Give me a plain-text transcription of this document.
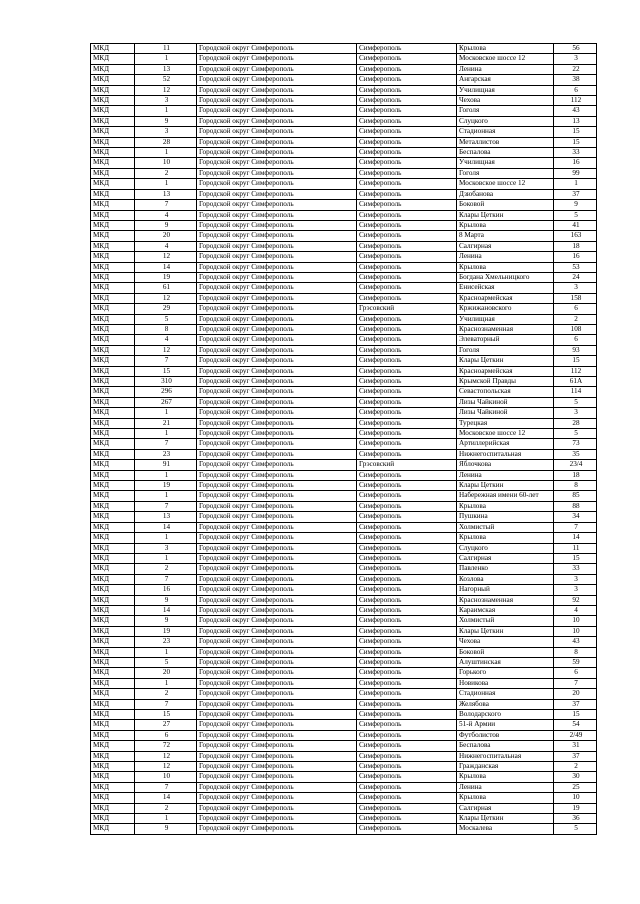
МКД	11	Городской округ Симферополь	Симферополь	Крылова	56
МКД	1	Городской округ Симферополь	Симферополь	Московское шоссе 12	3
МКД	13	Городской округ Симферополь	Симферополь	Ленина	22
МКД	52	Городской округ Симферополь	Симферополь	Ангарская	38
МКД	12	Городской округ Симферополь	Симферополь	Училищная	6
МКД	3	Городской округ Симферополь	Симферополь	Чехова	112
МКД	1	Городской округ Симферополь	Симферополь	Гоголя	43
МКД	9	Городской округ Симферополь	Симферополь	Слуцкого	13
МКД	3	Городской округ Симферополь	Симферополь	Стадионная	15
МКД	28	Городской округ Симферополь	Симферополь	Металлистов	15
МКД	1	Городской округ Симферополь	Симферополь	Беспалова	33
МКД	10	Городской округ Симферополь	Симферополь	Училищная	16
МКД	2	Городской округ Симферополь	Симферополь	Гоголя	99
МКД	1	Городской округ Симферополь	Симферополь	Московское шоссе 12	1
МКД	13	Городской округ Симферополь	Симферополь	Дзюбанова	37
МКД	7	Городской округ Симферополь	Симферополь	Боковой	9
МКД	4	Городской округ Симферополь	Симферополь	Клары Цеткин	5
МКД	9	Городской округ Симферополь	Симферополь	Крылова	41
МКД	20	Городской округ Симферополь	Симферополь	8 Марта	163
МКД	4	Городской округ Симферополь	Симферополь	Салгирная	18
МКД	12	Городской округ Симферополь	Симферополь	Ленина	16
МКД	14	Городской округ Симферополь	Симферополь	Крылова	53
МКД	19	Городской округ Симферополь	Симферополь	Богдана Хмельницкого	24
МКД	61	Городской округ Симферополь	Симферополь	Енисейская	3
МКД	12	Городской округ Симферополь	Симферополь	Красноармейская	158
МКД	29	Городской округ Симферополь	Грэсовский	Кржижановского	6
МКД	5	Городской округ Симферополь	Симферополь	Училищная	2
МКД	8	Городской округ Симферополь	Симферополь	Краснознаменная	108
МКД	4	Городской округ Симферополь	Симферополь	Элеваторный	6
МКД	12	Городской округ Симферополь	Симферополь	Гоголя	93
МКД	7	Городской округ Симферополь	Симферополь	Клары Цеткин	15
МКД	15	Городской округ Симферополь	Симферополь	Красноармейская	112
МКД	310	Городской округ Симферополь	Симферополь	Крымской Правды	61А
МКД	296	Городской округ Симферополь	Симферополь	Севастопольская	114
МКД	267	Городской округ Симферополь	Симферополь	Лизы Чайкиной	5
МКД	1	Городской округ Симферополь	Симферополь	Лизы Чайкиной	3
МКД	21	Городской округ Симферополь	Симферополь	Турецкая	28
МКД	1	Городской округ Симферополь	Симферополь	Московское шоссе 12	5
МКД	7	Городской округ Симферополь	Симферополь	Артиллерийская	73
МКД	23	Городской округ Симферополь	Симферополь	Нижнегоспитальная	35
МКД	91	Городской округ Симферополь	Грэсовский	Яблочкова	23/4
МКД	1	Городской округ Симферополь	Симферополь	Ленина	18
МКД	19	Городской округ Симферополь	Симферополь	Клары Цеткин	8
МКД	1	Городской округ Симферополь	Симферополь	Набережная имени 60-лет	85
МКД	7	Городской округ Симферополь	Симферополь	Крылова	88
МКД	13	Городской округ Симферополь	Симферополь	Пушкина	34
МКД	14	Городской округ Симферополь	Симферополь	Холмистый	7
МКД	1	Городской округ Симферополь	Симферополь	Крылова	14
МКД	3	Городской округ Симферополь	Симферополь	Слуцкого	11
МКД	1	Городской округ Симферополь	Симферополь	Салгирная	15
МКД	2	Городской округ Симферополь	Симферополь	Павленко	33
МКД	7	Городской округ Симферополь	Симферополь	Козлова	3
МКД	16	Городской округ Симферополь	Симферополь	Нагорный	3
МКД	9	Городской округ Симферополь	Симферополь	Краснознаменная	92
МКД	14	Городской округ Симферополь	Симферополь	Караимская	4
МКД	9	Городской округ Симферополь	Симферополь	Холмистый	10
МКД	19	Городской округ Симферополь	Симферополь	Клары Цеткин	10
МКД	23	Городской округ Симферополь	Симферополь	Чехова	43
МКД	1	Городской округ Симферополь	Симферополь	Боковой	8
МКД	5	Городской округ Симферополь	Симферополь	Алуштинская	59
МКД	20	Городской округ Симферополь	Симферополь	Горького	6
МКД	1	Городской округ Симферополь	Симферополь	Новикова	7
МКД	2	Городской округ Симферополь	Симферополь	Стадионная	20
МКД	7	Городской округ Симферополь	Симферополь	Желябова	37
МКД	15	Городской округ Симферополь	Симферополь	Володарского	15
МКД	27	Городской округ Симферополь	Симферополь	51-й Армии	54
МКД	6	Городской округ Симферополь	Симферополь	Футболистов	2/49
МКД	72	Городской округ Симферополь	Симферополь	Беспалова	31
МКД	12	Городской округ Симферополь	Симферополь	Нижнегоспитальная	37
МКД	12	Городской округ Симферополь	Симферополь	Гражданская	2
МКД	10	Городской округ Симферополь	Симферополь	Крылова	30
МКД	7	Городской округ Симферополь	Симферополь	Ленина	25
МКД	14	Городской округ Симферополь	Симферополь	Крылова	10
МКД	2	Городской округ Симферополь	Симферополь	Салгирная	19
МКД	1	Городской округ Симферополь	Симферополь	Клары Цеткин	36
МКД	9	Городской округ Симферополь	Симферополь	Москалева	5
